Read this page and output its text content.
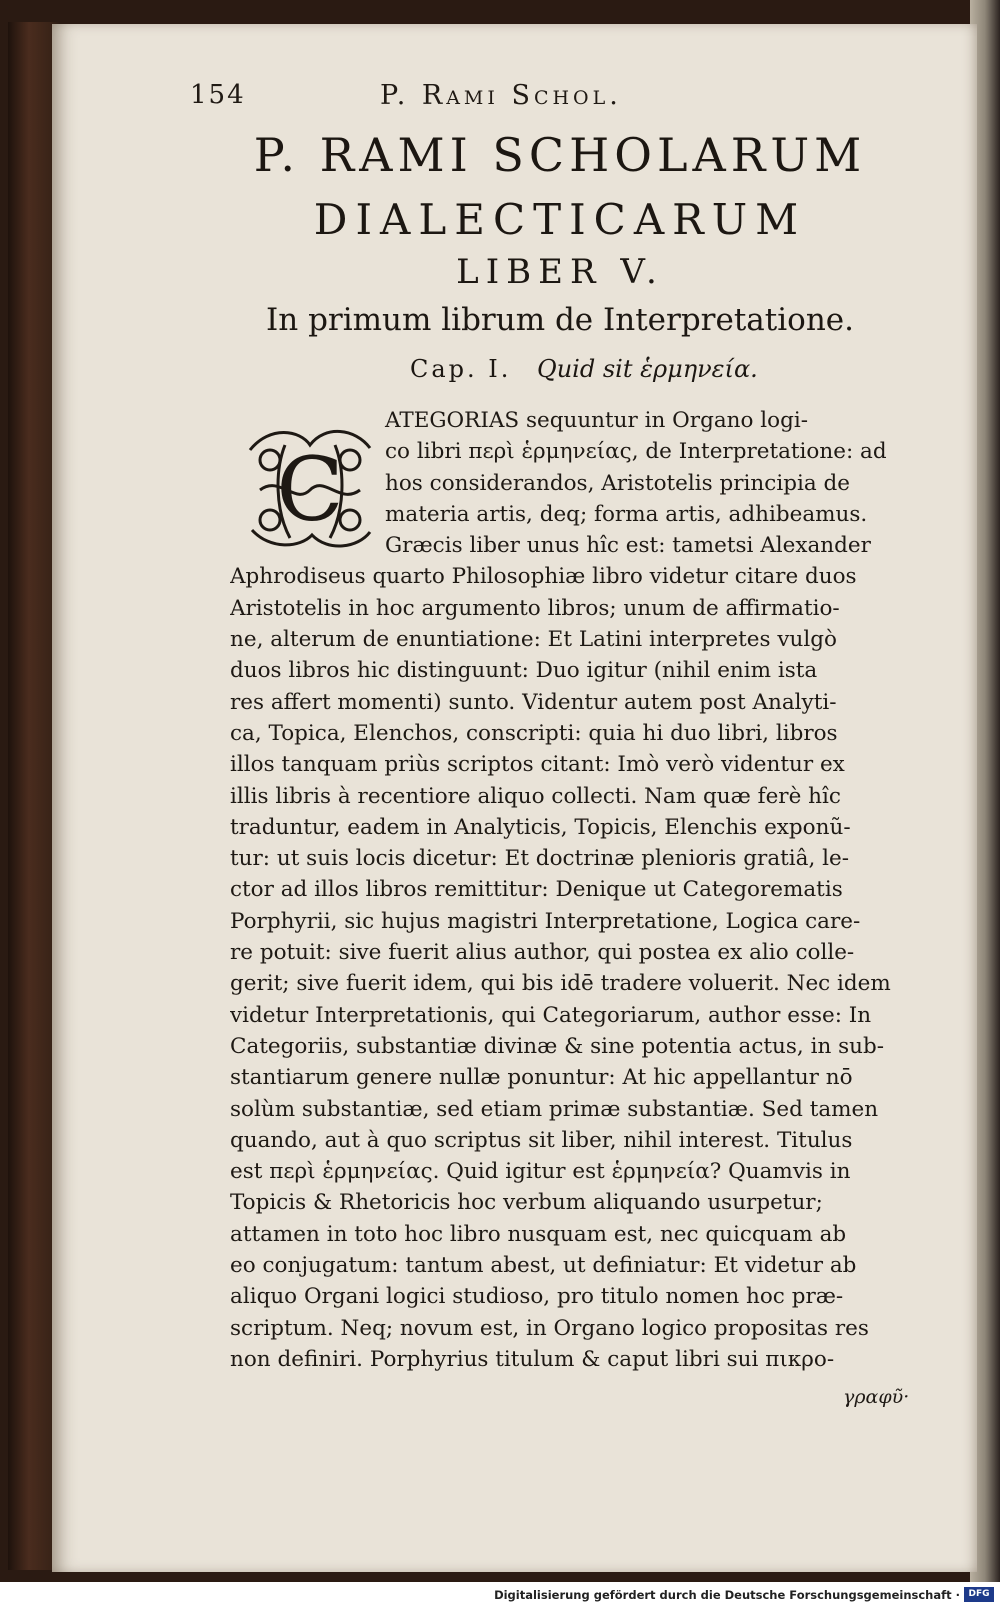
154	P. Rami Schol.
P. RAMI SCHOLARUM
DIALECTICARUM
LIBER V.
In primum librum de Interpretatione.
Cap. I. Quid sit ἑρμηνεία.
C
ATEGORIAS sequuntur in Organo logi-
co libri περὶ ἑρμηνείας, de Interpretatione: ad
hos considerandos, Aristotelis principia de
materia artis, deq; forma artis, adhibeamus.
Græcis liber unus hîc est: tametsi Alexander
Aphrodiseus quarto Philosophiæ libro videtur citare duos
Aristotelis in hoc argumento libros; unum de affirmatio-
ne, alterum de enuntiatione: Et Latini interpretes vulgò
duos libros hic distinguunt: Duo igitur (nihil enim ista
res affert momenti) sunto. Videntur autem post Analyti-
ca, Topica, Elenchos, conscripti: quia hi duo libri, libros
illos tanquam priùs scriptos citant: Imò verò videntur ex
illis libris à recentiore aliquo collecti. Nam quæ ferè hîc
traduntur, eadem in Analyticis, Topicis, Elenchis exponũ-
tur: ut suis locis dicetur: Et doctrinæ plenioris gratiâ, le-
ctor ad illos libros remittitur: Denique ut Categorematis
Porphyrii, sic hujus magistri Interpretatione, Logica care-
re potuit: sive fuerit alius author, qui postea ex alio colle-
gerit; sive fuerit idem, qui bis idē tradere voluerit. Nec idem
videtur Interpretationis, qui Categoriarum, author esse: In
Categoriis, substantiæ divinæ & sine potentia actus, in sub-
stantiarum genere nullæ ponuntur: At hic appellantur nō
solùm substantiæ, sed etiam primæ substantiæ. Sed tamen
quando, aut à quo scriptus sit liber, nihil interest. Titulus
est περὶ ἑρμηνείας. Quid igitur est ἑρμηνεία? Quamvis in
Topicis & Rhetoricis hoc verbum aliquando usurpetur;
attamen in toto hoc libro nusquam est, nec quicquam ab
eo conjugatum: tantum abest, ut definiatur: Et videtur ab
aliquo Organi logici studioso, pro titulo nomen hoc præ-
scriptum. Neq; novum est, in Organo logico propositas res
non definiri. Porphyrius titulum & caput libri sui πικρο-
γραφῦ·
Digitalisierung gefördert durch die Deutsche Forschungsgemeinschaft · DFG
